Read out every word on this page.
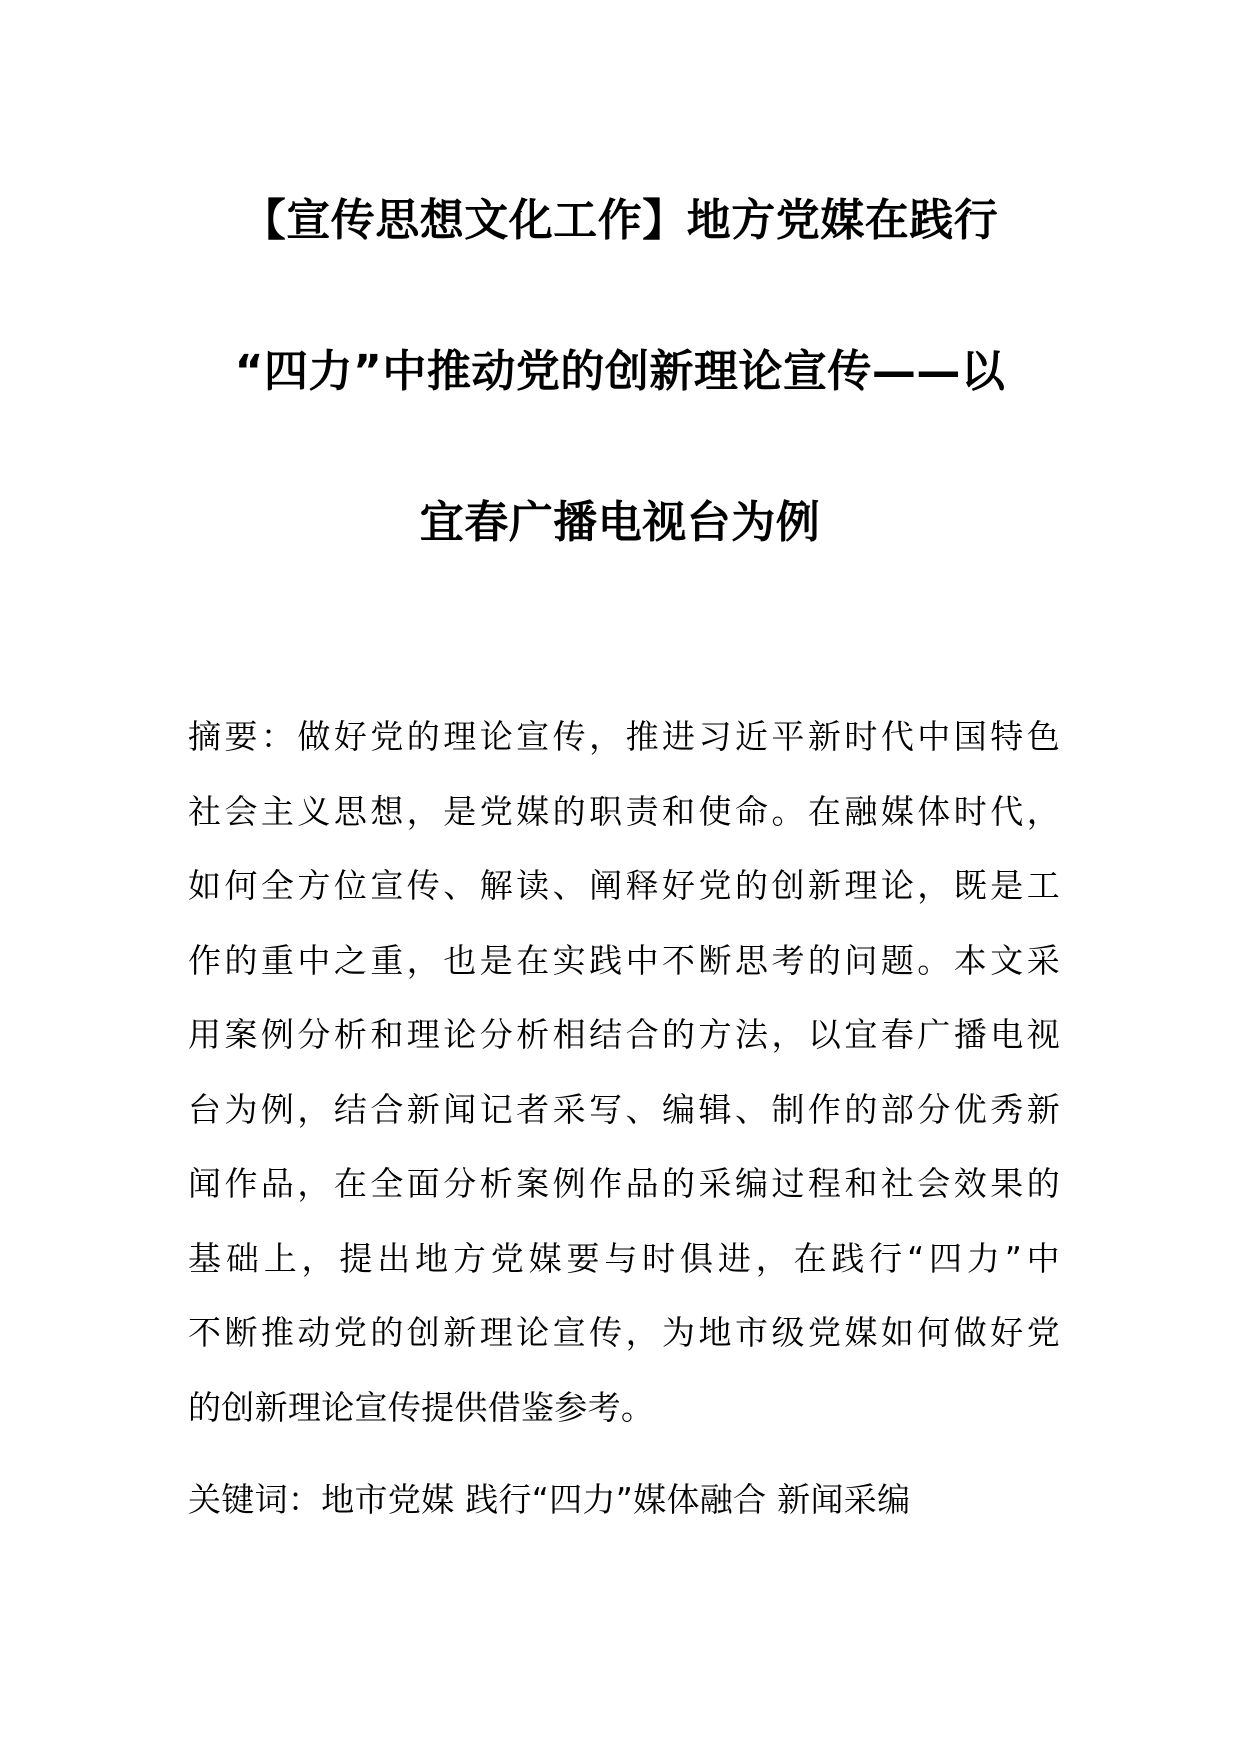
【宣传思想文化工作】地方党媒在践行
“四力”中推动党的创新理论宣传——以
宜春广播电视台为例
摘要：做好党的理论宣传，推进习近平新时代中国特色
社会主义思想，是党媒的职责和使命。在融媒体时代，
如何全方位宣传、解读、阐释好党的创新理论，既是工
作的重中之重，也是在实践中不断思考的问题。本文采
用案例分析和理论分析相结合的方法，以宜春广播电视
台为例，结合新闻记者采写、编辑、制作的部分优秀新
闻作品，在全面分析案例作品的采编过程和社会效果的
基础上，提出地方党媒要与时俱进，在践行“四力”中
不断推动党的创新理论宣传，为地市级党媒如何做好党
的创新理论宣传提供借鉴参考。
关键词：地市党媒 践行“四力”媒体融合 新闻采编
